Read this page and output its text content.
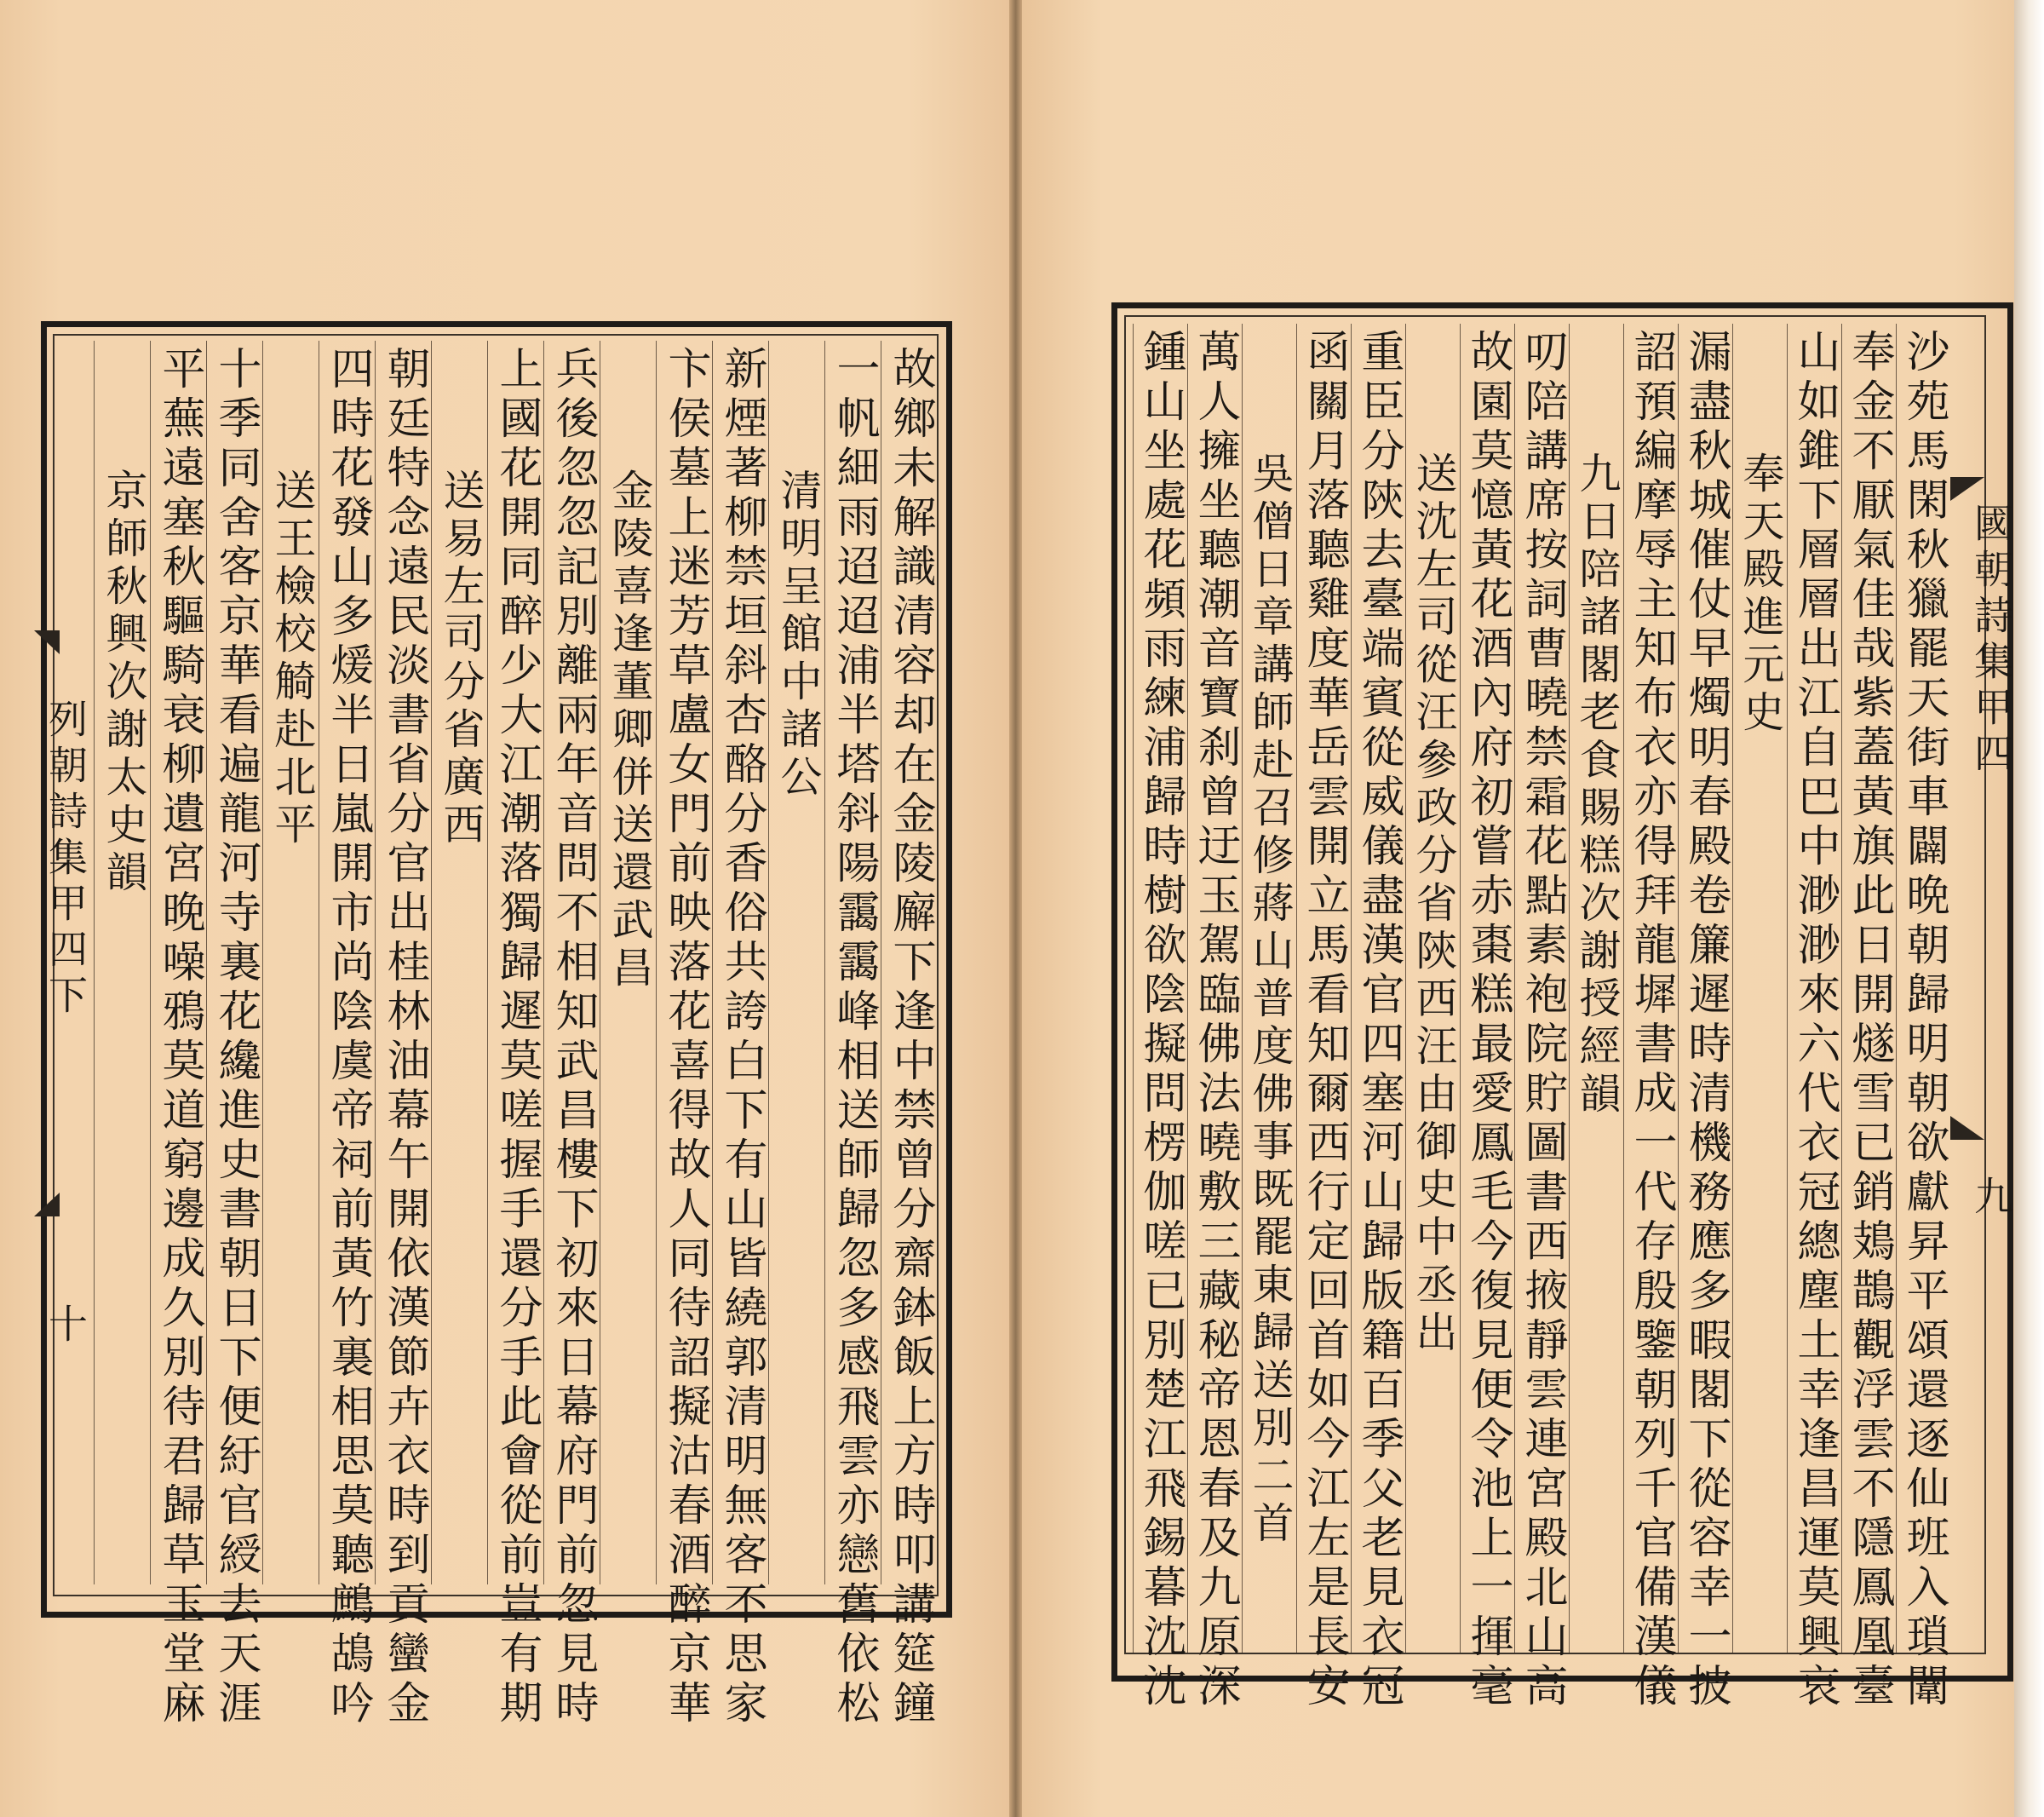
列朝詩集甲四下
十	故鄉未解識清容却在金陵廨下逢中禁曾分齋鉢飯上方時叩講筵鐘
一帆細雨迢迢浦半塔斜陽靄靄峰相送師歸忽多感飛雲亦戀舊依松
清明呈館中諸公
新煙著柳禁垣斜杏酪分香俗共誇白下有山皆繞郭清明無客不思家
卞侯墓上迷芳草盧女門前映落花喜得故人同待詔擬沽春酒醉京華
金陵喜逢董卿併送還武昌
兵後忽忽記別離兩年音問不相知武昌樓下初來日幕府門前忽見時
上國花開同醉少大江潮落獨歸遲莫嗟握手還分手此會從前豈有期
送易左司分省廣西
朝廷特念遠民淡書省分官出桂林油幕午開依漢節卉衣時到貢蠻金
四時花發山多煖半日嵐開市尚陰虞帝祠前黃竹裏相思莫聽鷓鴣吟
送王檢校觭赴北平
十季同舍客京華看遍龍河寺裏花纔進史書朝日下便紆官綬去天涯
平蕪遠塞秋驅騎衰柳遺宮晚噪鴉莫道窮邊成久別待君歸草玉堂麻
京師秋興次謝太史韻	國朝詩集甲四
九
沙苑馬閑秋獵罷天街車闢晩朝歸明朝欲獻昇平頌還逐仙班入瑣闈
奉金不厭氣佳哉紫蓋黃旗此日開燧雪已銷鳷鵲觀浮雲不隱鳳凰臺
山如錐下層層出江自巴中渺渺來六代衣冠總塵土幸逢昌運莫興哀
奉天殿進元史
漏盡秋城催仗早燭明春殿卷簾遲時清機務應多暇閣下從容幸一披
詔預編摩辱主知布衣亦得拜龍墀書成一代存殷鑒朝列千官備漢儀
九日陪諸閣老食賜糕次謝授經韻
叨陪講席按詞曹曉禁霜花點素袍院貯圖書西掖靜雲連宮殿北山高
故園莫憶黃花酒內府初嘗赤棗糕最愛鳳毛今復見便令池上一揮毫
送沈左司從汪參政分省陝西汪由御史中丞出
重臣分陝去臺端賓從威儀盡漢官四塞河山歸版籍百季父老見衣冠
函關月落聽雞度華岳雲開立馬看知爾西行定回首如今江左是長安
吳僧日章講師赴召修蔣山普度佛事既罷東歸送別二首
萬人擁坐聽潮音寶刹曾迂玉駕臨佛法曉敷三藏秘帝恩春及九原深
鍾山坐處花頻雨練浦歸時樹欲陰擬問楞伽嗟已別楚江飛錫暮沈沈
